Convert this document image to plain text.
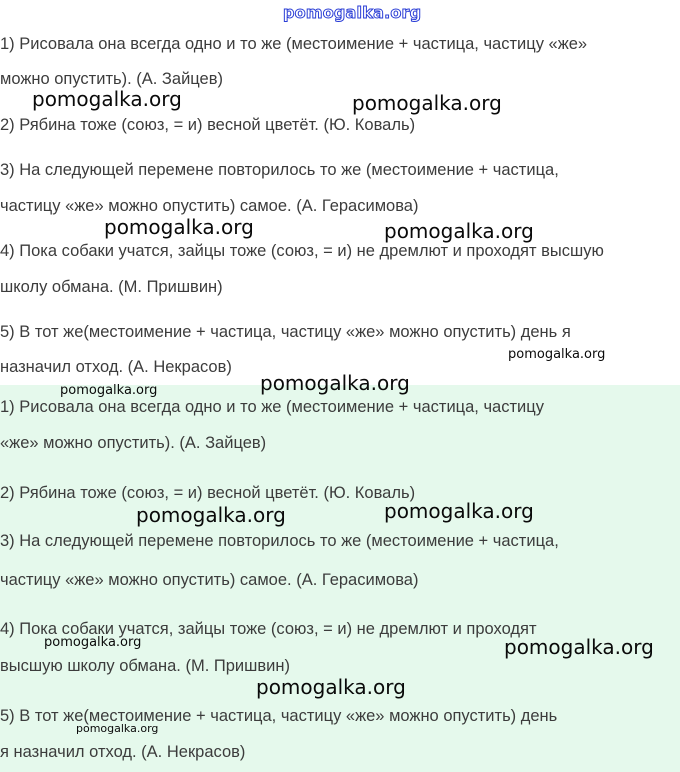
pomogalka.org
1) Рисовала она всегда одно и то же (местоимение + частица, частицу «же»
можно опустить). (А. Зайцев)
2) Рябина тоже (союз, = и) весной цветёт. (Ю. Коваль)
3) На следующей перемене повторилось то же (местоимение + частица,
частицу «же» можно опустить) самое. (А. Герасимова)
4) Пока собаки учатся, зайцы тоже (союз, = и) не дремлют и проходят высшую
школу обмана. (М. Пришвин)
5) В тот же(местоимение + частица, частицу «же» можно опустить) день я
назначил отход. (А. Некрасов)
1) Рисовала она всегда одно и то же (местоимение + частица, частицу
«же» можно опустить). (А. Зайцев)
2) Рябина тоже (союз, = и) весной цветёт. (Ю. Коваль)
3) На следующей перемене повторилось то же (местоимение + частица,
частицу «же» можно опустить) самое. (А. Герасимова)
4) Пока собаки учатся, зайцы тоже (союз, = и) не дремлют и проходят
высшую школу обмана. (М. Пришвин)
5) В тот же(местоимение + частица, частицу «же» можно опустить) день
я назначил отход. (А. Некрасов)
pomogalka.org	pomogalka.org
pomogalka.org	pomogalka.org
pomogalka.org
pomogalka.org
pomogalka.org
pomogalka.org	pomogalka.org
pomogalka.org	pomogalka.org
pomogalka.org
pomogalka.org
